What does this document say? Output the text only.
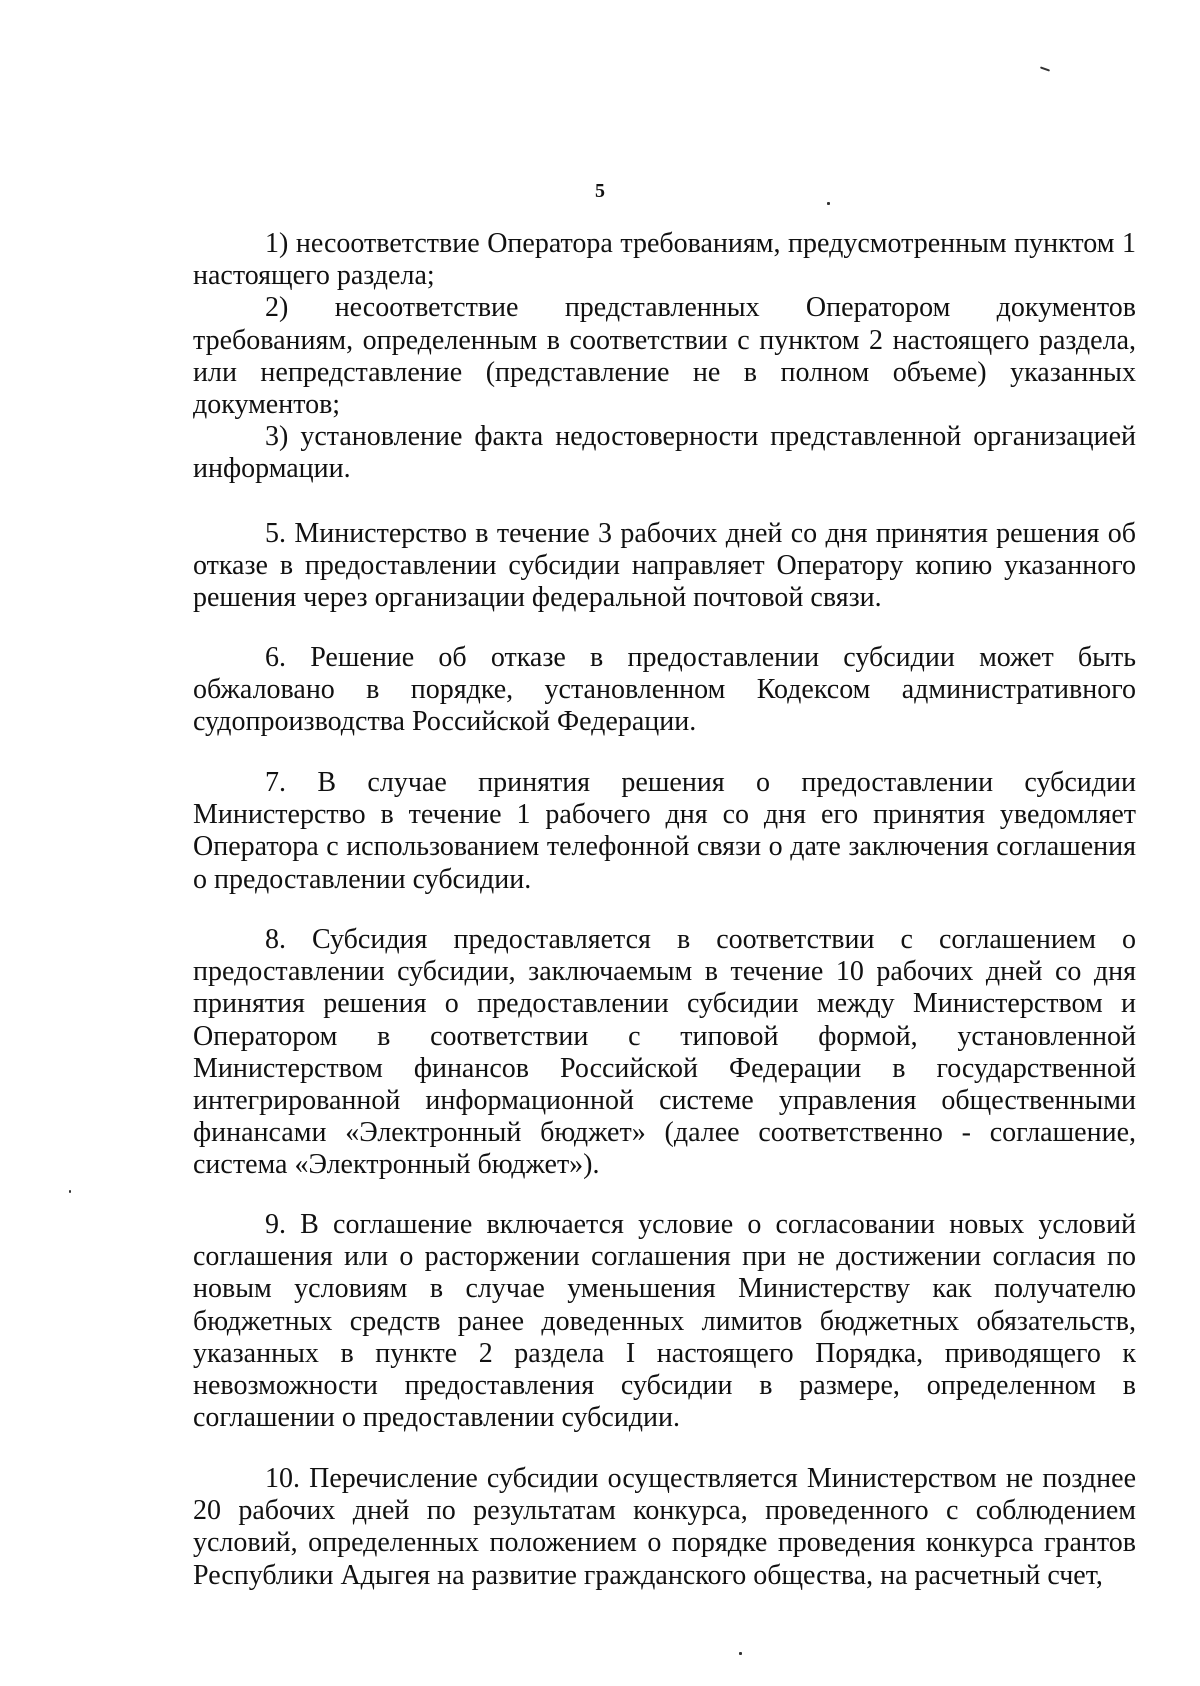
5

1) несоответствие Оператора требованиям, предусмотренным пунктом 1 настоящего раздела;

2) несоответствие представленных Оператором документов требованиям, определенным в соответствии с пунктом 2 настоящего раздела, или непредставление (представление не в полном объеме) указанных документов;

3) установление факта недостоверности представленной организацией информации.

5. Министерство в течение 3 рабочих дней со дня принятия решения об отказе в предоставлении субсидии направляет Оператору копию указанного решения через организации федеральной почтовой связи.

6. Решение об отказе в предоставлении субсидии может быть обжаловано в порядке, установленном Кодексом административного судопроизводства Российской Федерации.

7. В случае принятия решения о предоставлении субсидии Министерство в течение 1 рабочего дня со дня его принятия уведомляет Оператора с использованием телефонной связи о дате заключения соглашения о предоставлении субсидии.

8. Субсидия предоставляется в соответствии с соглашением о предоставлении субсидии, заключаемым в течение 10 рабочих дней со дня принятия решения о предоставлении субсидии между Министерством и Оператором в соответствии с типовой формой, установленной Министерством финансов Российской Федерации в государственной интегрированной информационной системе управления общественными финансами «Электронный бюджет» (далее соответственно - соглашение, система «Электронный бюджет»).

9. В соглашение включается условие о согласовании новых условий соглашения или о расторжении соглашения при не достижении согласия по новым условиям в случае уменьшения Министерству как получателю бюджетных средств ранее доведенных лимитов бюджетных обязательств, указанных в пункте 2 раздела I настоящего Порядка, приводящего к невозможности предоставления субсидии в размере, определенном в соглашении о предоставлении субсидии.

10. Перечисление субсидии осуществляется Министерством не позднее 20 рабочих дней по результатам конкурса, проведенного с соблюдением условий, определенных положением о порядке проведения конкурса грантов Республики Адыгея на развитие гражданского общества, на расчетный счет,
